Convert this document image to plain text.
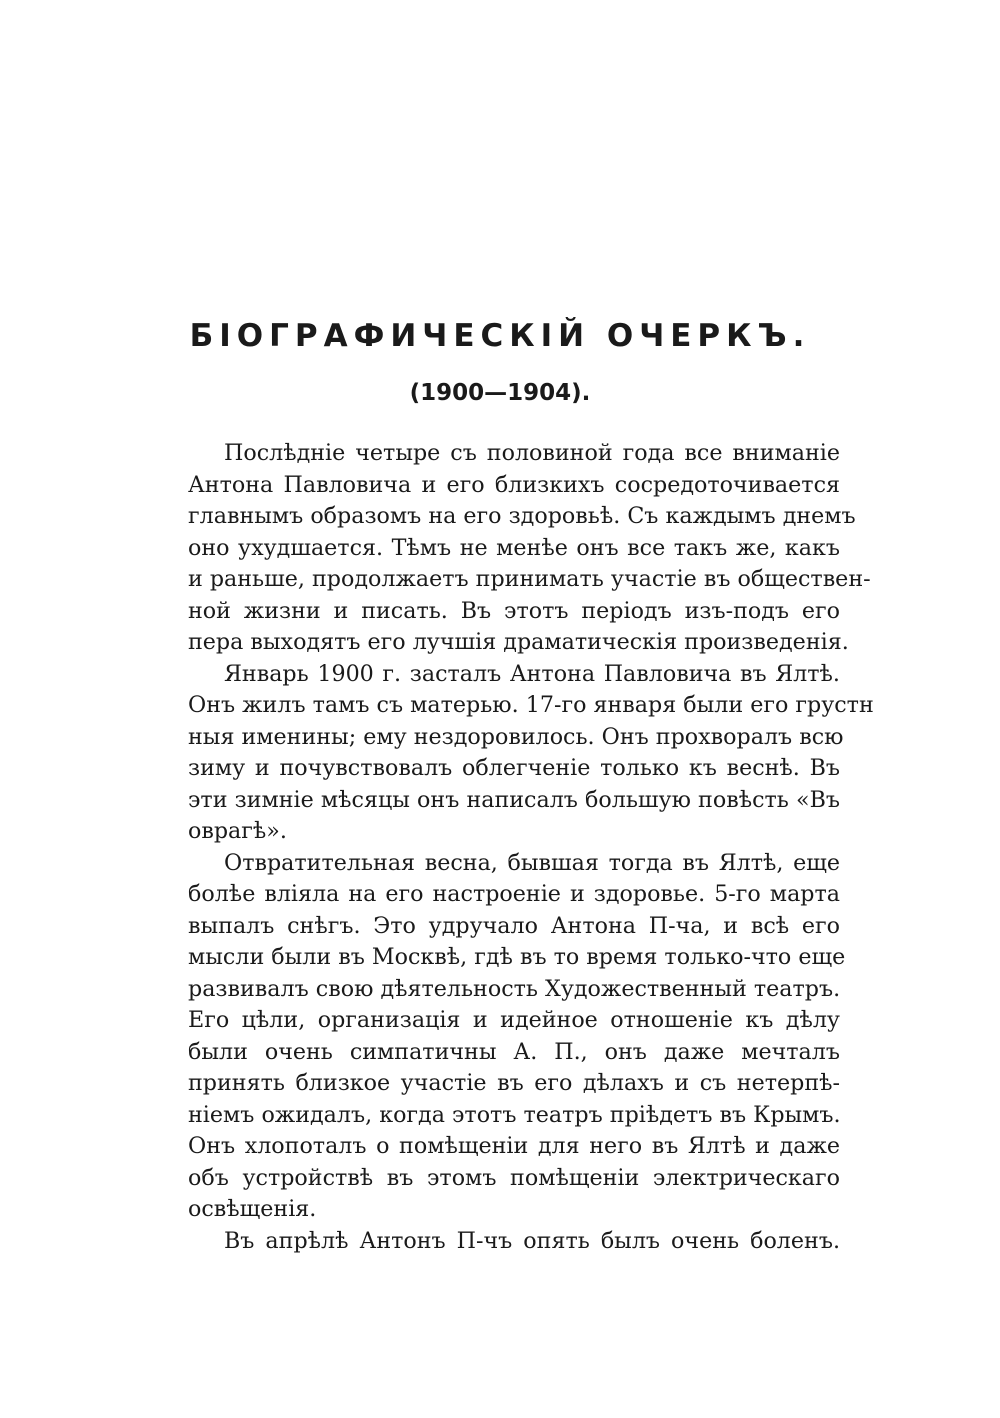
БІОГРАФИЧЕСКІЙ ОЧЕРКЪ.
(1900—1904).
Послѣдніе четыре съ половиной года все вниманіе
Антона Павловича и его близкихъ сосредоточивается
главнымъ образомъ на его здоровьѣ. Съ каждымъ днемъ
оно ухудшается. Тѣмъ не менѣе онъ все такъ же, какъ
и раньше, продолжаетъ принимать участіе въ обществен-
ной жизни и писать. Въ этотъ періодъ изъ-подъ его
пера выходятъ его лучшія драматическія произведенія.
Январь 1900 г. засталъ Антона Павловича въ Ялтѣ.
Онъ жилъ тамъ съ матерью. 17-го января были его грустн
ныя именины; ему нездоровилось. Онъ прохворалъ всю
зиму и почувствовалъ облегченіе только къ веснѣ. Въ
эти зимніе мѣсяцы онъ написалъ большую повѣсть «Въ
оврагѣ».
Отвратительная весна, бывшая тогда въ Ялтѣ, еще
болѣе вліяла на его настроеніе и здоровье. 5-го марта
выпалъ снѣгъ. Это удручало Антона П-ча, и всѣ его
мысли были въ Москвѣ, гдѣ въ то время только-что еще
развивалъ свою дѣятельность Художественный театръ.
Его цѣли, организація и идейное отношеніе къ дѣлу
были очень симпатичны А. П., онъ даже мечталъ
принять близкое участіе въ его дѣлахъ и съ нетерпѣ-
ніемъ ожидалъ, когда этотъ театръ пріѣдетъ въ Крымъ.
Онъ хлопоталъ о помѣщеніи для него въ Ялтѣ и даже
объ устройствѣ въ этомъ помѣщеніи электрическаго
освѣщенія.
Въ апрѣлѣ Антонъ П-чъ опять былъ очень боленъ.
